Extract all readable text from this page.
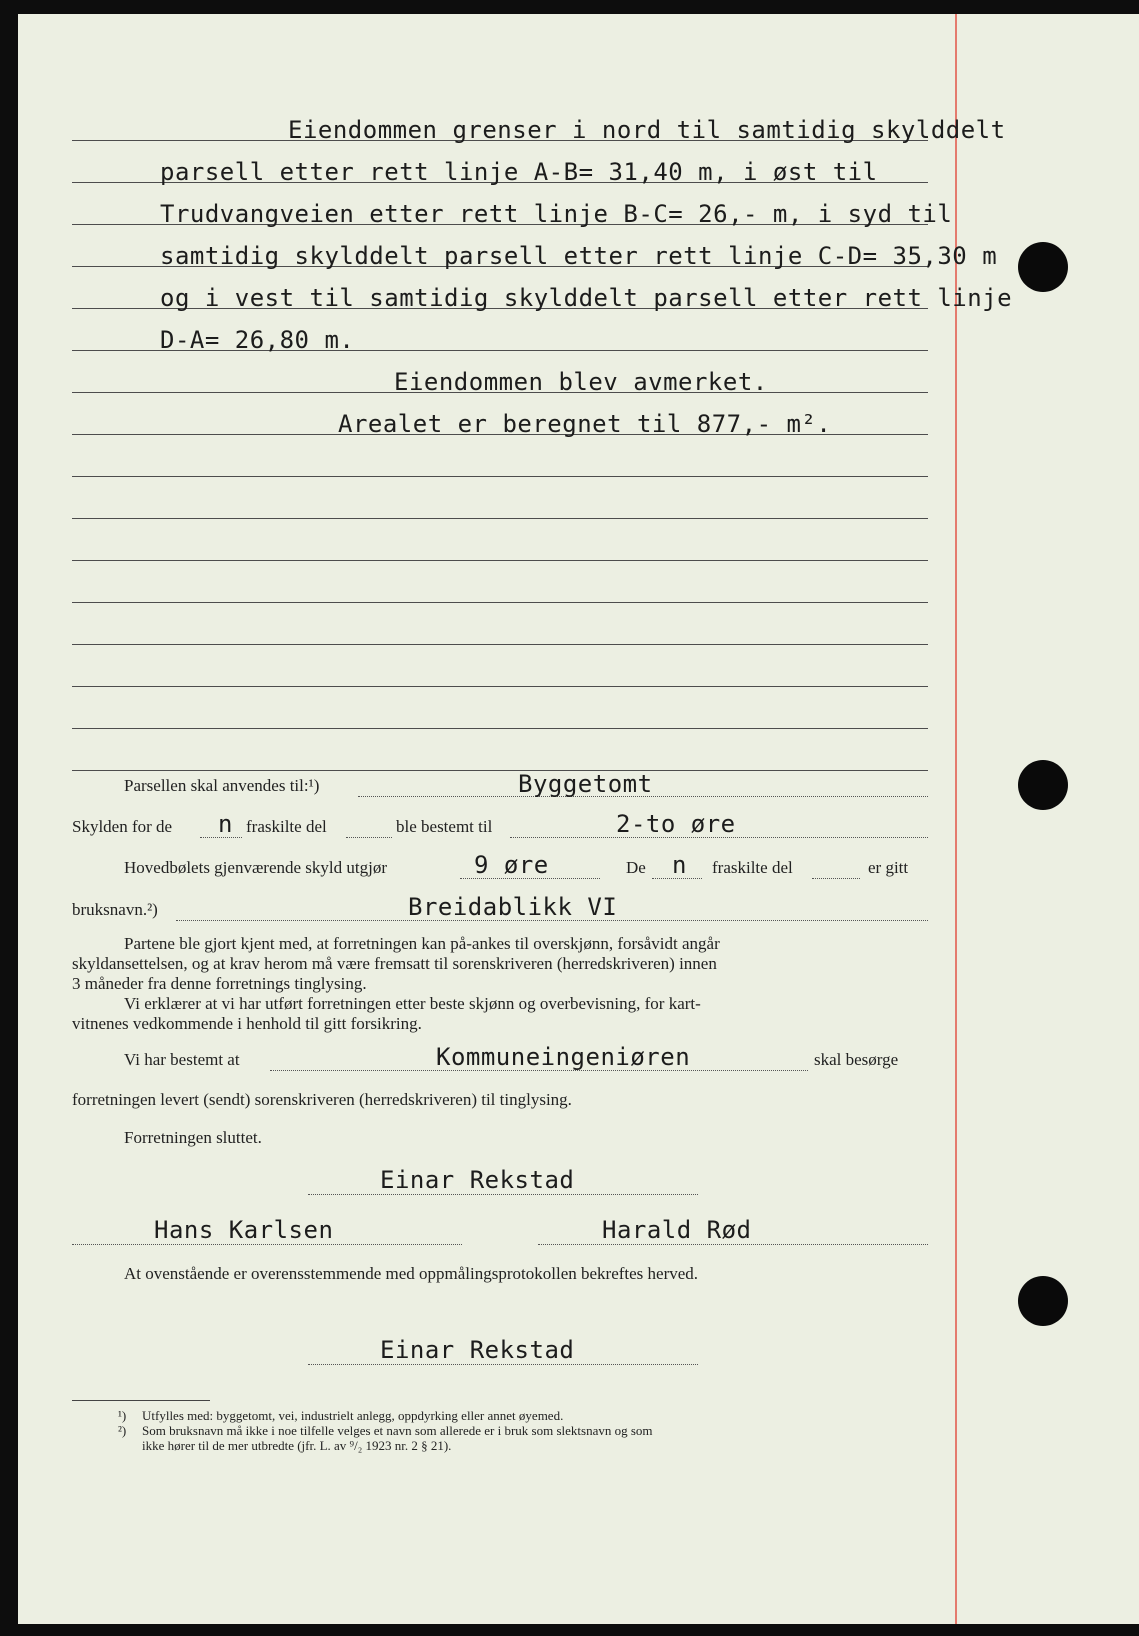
Eiendommen grenser i nord til samtidig skylddelt
parsell etter rett linje A-B= 31,40 m, i øst til
Trudvangveien etter rett linje B-C= 26,- m, i syd til
samtidig skylddelt parsell etter rett linje C-D= 35,30 m
og i vest til samtidig skylddelt parsell etter rett linje
D-A= 26,80 m.
Eiendommen blev avmerket.
Arealet er beregnet til 877,- m².
Parsellen skal anvendes til:¹)	Byggetomt
Skylden for de n fraskilte del	ble bestemt til	2-to øre
Hovedbølets gjenværende skyld utgjør	9 øre	De n fraskilte del	er gitt
bruksnavn.²)	Breidablikk VI
Partene ble gjort kjent med, at forretningen kan på-ankes til overskjønn, forsåvidt angår
skyldansettelsen, og at krav herom må være fremsatt til sorenskriveren (herredskriveren) innen
3 måneder fra denne forretnings tinglysing.
Vi erklærer at vi har utført forretningen etter beste skjønn og overbevisning, for kart-
vitnenes vedkommende i henhold til gitt forsikring.
Vi har bestemt at	Kommuneingeniøren	skal besørge
forretningen levert (sendt) sorenskriveren (herredskriveren) til tinglysing.
Forretningen sluttet.
Einar Rekstad
Hans Karlsen	Harald Rød
At ovenstående er overensstemmende med oppmålingsprotokollen bekreftes herved.
Einar Rekstad
¹) Utfylles med: byggetomt, vei, industrielt anlegg, oppdyrking eller annet øyemed.
²) Som bruksnavn må ikke i noe tilfelle velges et navn som allerede er i bruk som slektsnavn og som
ikke hører til de mer utbredte (jfr. L. av ⁹/₂ 1923 nr. 2 § 21).
